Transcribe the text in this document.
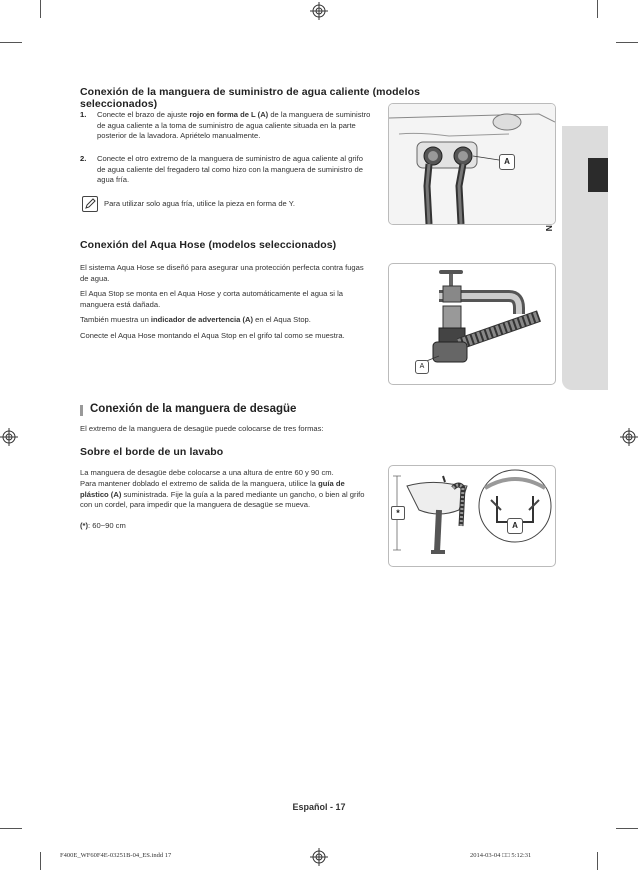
Conexión de la manguera de suministro de agua caliente (modelos seleccionados)
1. Conecte el brazo de ajuste rojo en forma de L (A) de la manguera de suministro de agua caliente a la toma de suministro de agua caliente situada en la parte posterior de la lavadora. Apriételo manualmente.
2. Conecte el otro extremo de la manguera de suministro de agua caliente al grifo de agua caliente del fregadero tal como hizo con la manguera de suministro de agua fría.
Para utilizar solo agua fría, utilice la pieza en forma de Y.
A
Conexión del Aqua Hose (modelos seleccionados)
El sistema Aqua Hose se diseñó para asegurar una protección perfecta contra fugas de agua.
El Aqua Stop se monta en el Aqua Hose y corta automáticamente el agua si la manguera está dañada.
También muestra un indicador de advertencia (A) en el Aqua Stop.
Conecte el Aqua Hose montando el Aqua Stop en el grifo tal como se muestra.
A
Conexión de la manguera de desagüe
El extremo de la manguera de desagüe puede colocarse de tres formas:
Sobre el borde de un lavabo
La manguera de desagüe debe colocarse a una altura de entre 60 y 90 cm.
Para mantener doblado el extremo de salida de la manguera, utilice la guía de plástico (A) suministrada. Fije la guía a la pared mediante un gancho, o bien al grifo con un cordel, para impedir que la manguera de desagüe se mueva.
(*): 60~90 cm
*
A
Español - 17
F400E_WF60F4E-03251B-04_ES.indd 17	2014-03-04 □□ 5:12:31
